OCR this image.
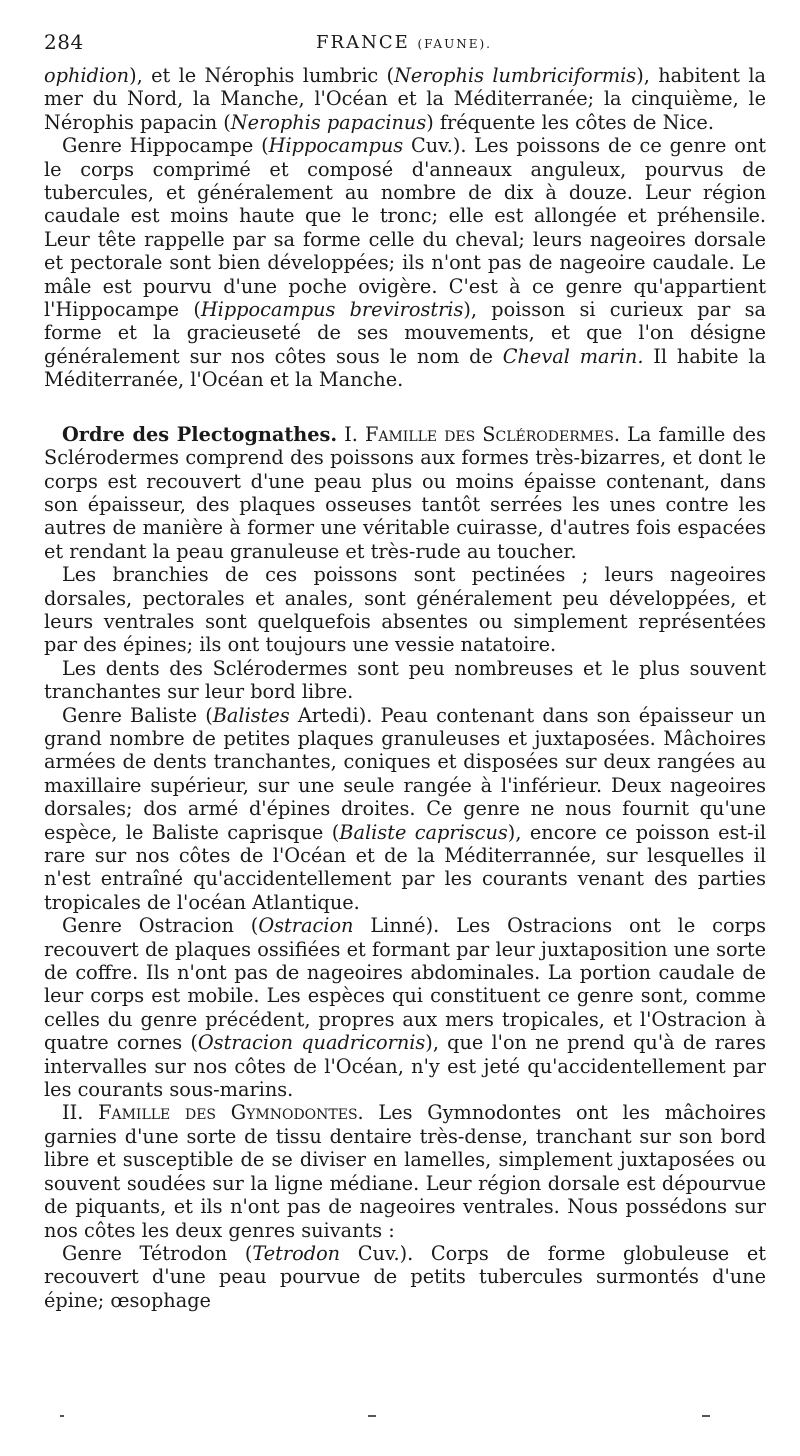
284	FRANCE (FAUNE).

ophidion), et le Nérophis lumbric (Nerophis lumbriciformis), habitent la mer du Nord, la Manche, l'Océan et la Méditerranée; la cinquième, le Nérophis papacin (Nerophis papacinus) fréquente les côtes de Nice.

Genre Hippocampe (Hippocampus Cuv.). Les poissons de ce genre ont le corps comprimé et composé d'anneaux anguleux, pourvus de tubercules, et généralement au nombre de dix à douze. Leur région caudale est moins haute que le tronc; elle est allongée et préhensile. Leur tête rappelle par sa forme celle du cheval; leurs nageoires dorsale et pectorale sont bien développées; ils n'ont pas de nageoire caudale. Le mâle est pourvu d'une poche ovigère. C'est à ce genre qu'appartient l'Hippocampe (Hippocampus brevirostris), poisson si curieux par sa forme et la gracieuseté de ses mouvements, et que l'on désigne généralement sur nos côtes sous le nom de Cheval marin. Il habite la Méditerranée, l'Océan et la Manche.

Ordre des Plectognathes. I. Famille des Sclérodermes. La famille des Sclérodermes comprend des poissons aux formes très-bizarres, et dont le corps est recouvert d'une peau plus ou moins épaisse contenant, dans son épaisseur, des plaques osseuses tantôt serrées les unes contre les autres de manière à former une véritable cuirasse, d'autres fois espacées et rendant la peau granuleuse et très-rude au toucher.

Les branchies de ces poissons sont pectinées ; leurs nageoires dorsales, pectorales et anales, sont généralement peu développées, et leurs ventrales sont quelquefois absentes ou simplement représentées par des épines; ils ont toujours une vessie natatoire.

Les dents des Sclérodermes sont peu nombreuses et le plus souvent tranchantes sur leur bord libre.

Genre Baliste (Balistes Artedi). Peau contenant dans son épaisseur un grand nombre de petites plaques granuleuses et juxtaposées. Mâchoires armées de dents tranchantes, coniques et disposées sur deux rangées au maxillaire supérieur, sur une seule rangée à l'inférieur. Deux nageoires dorsales; dos armé d'épines droites. Ce genre ne nous fournit qu'une espèce, le Baliste caprisque (Baliste capriscus), encore ce poisson est-il rare sur nos côtes de l'Océan et de la Méditerrannée, sur lesquelles il n'est entraîné qu'accidentellement par les courants venant des parties tropicales de l'océan Atlantique.

Genre Ostracion (Ostracion Linné). Les Ostracions ont le corps recouvert de plaques ossifiées et formant par leur juxtaposition une sorte de coffre. Ils n'ont pas de nageoires abdominales. La portion caudale de leur corps est mobile. Les espèces qui constituent ce genre sont, comme celles du genre précédent, propres aux mers tropicales, et l'Ostracion à quatre cornes (Ostracion quadricornis), que l'on ne prend qu'à de rares intervalles sur nos côtes de l'Océan, n'y est jeté qu'accidentellement par les courants sous-marins.

II. Famille des Gymnodontes. Les Gymnodontes ont les mâchoires garnies d'une sorte de tissu dentaire très-dense, tranchant sur son bord libre et susceptible de se diviser en lamelles, simplement juxtaposées ou souvent soudées sur la ligne médiane. Leur région dorsale est dépourvue de piquants, et ils n'ont pas de nageoires ventrales. Nous possédons sur nos côtes les deux genres suivants :

Genre Tétrodon (Tetrodon Cuv.). Corps de forme globuleuse et recouvert d'une peau pourvue de petits tubercules surmontés d'une épine; œsophage
